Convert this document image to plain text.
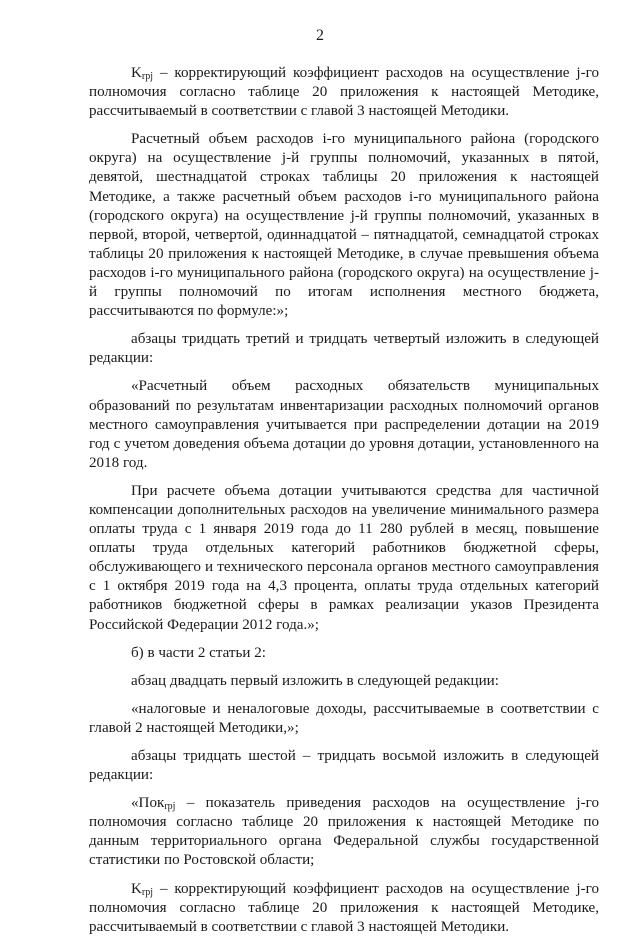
2

$K_{rpj}$ – корректирующий коэффициент расходов на осуществление j-го полномочия согласно таблице 20 приложения к настоящей Методике, рассчитываемый в соответствии с главой 3 настоящей Методики.

Расчетный объем расходов i-го муниципального района (городского округа) на осуществление j-й группы полномочий, указанных в пятой, девятой, шестнадцатой строках таблицы 20 приложения к настоящей Методике, а также расчетный объем расходов i-го муниципального района (городского округа) на осуществление j-й группы полномочий, указанных в первой, второй, четвертой, одиннадцатой – пятнадцатой, семнадцатой строках таблицы 20 приложения к настоящей Методике, в случае превышения объема расходов i-го муниципального района (городского округа) на осуществление j-й группы полномочий по итогам исполнения местного бюджета, рассчитываются по формуле:»;

абзацы тридцать третий и тридцать четвертый изложить в следующей редакции:

«Расчетный объем расходных обязательств муниципальных образований по результатам инвентаризации расходных полномочий органов местного самоуправления учитывается при распределении дотации на 2019 год с учетом доведения объема дотации до уровня дотации, установленного на 2018 год.

При расчете объема дотации учитываются средства для частичной компенсации дополнительных расходов на увеличение минимального размера оплаты труда с 1 января 2019 года до 11 280 рублей в месяц, повышение оплаты труда отдельных категорий работников бюджетной сферы, обслуживающего и технического персонала органов местного самоуправления с 1 октября 2019 года на 4,3 процента, оплаты труда отдельных категорий работников бюджетной сферы в рамках реализации указов Президента Российской Федерации 2012 года.»;

б) в части 2 статьи 2:

абзац двадцать первый изложить в следующей редакции:

«налоговые и неналоговые доходы, рассчитываемые в соответствии с главой 2 настоящей Методики,»;

абзацы тридцать шестой – тридцать восьмой изложить в следующей редакции:

«Пок$_{rpj}$ – показатель приведения расходов на осуществление j-го полномочия согласно таблице 20 приложения к настоящей Методике по данным территориального органа Федеральной службы государственной статистики по Ростовской области;

$K_{rpj}$ – корректирующий коэффициент расходов на осуществление j-го полномочия согласно таблице 20 приложения к настоящей Методике, рассчитываемый в соответствии с главой 3 настоящей Методики.
